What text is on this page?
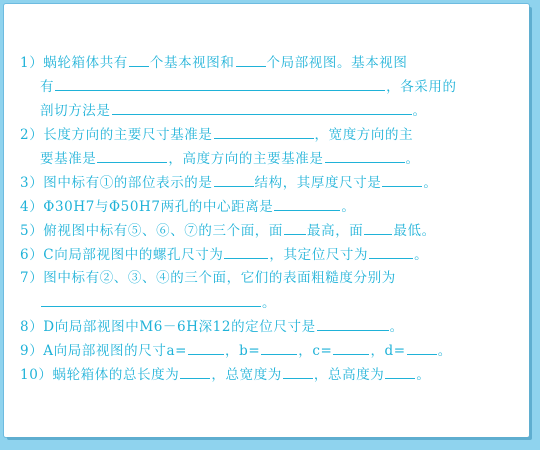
1）蜗轮箱体共有 个基本视图和 个局部视图。基本视图
有	，各采用的
剖切方法是	。
2）长度方向的主要尺寸基准是	，宽度方向的主
要基准是	，高度方向的主要基准是	。
3）图中标有①的部位表示的是	结构，其厚度尺寸是	。
4）Φ30H7与Φ50H7两孔的中心距离是	。
5）俯视图中标有⑤、⑥、⑦的三个面，面 最高，面 最低。
6）C向局部视图中的螺孔尺寸为	，其定位尺寸为	。
7）图中标有②、③、④的三个面，它们的表面粗糙度分别为
。
8）D向局部视图中M6－6H深12的定位尺寸是	。
9）A向局部视图的尺寸a=	，b=	，c=	，d= 。
10）蜗轮箱体的总长度为 ，总宽度为 ，总高度为 。
